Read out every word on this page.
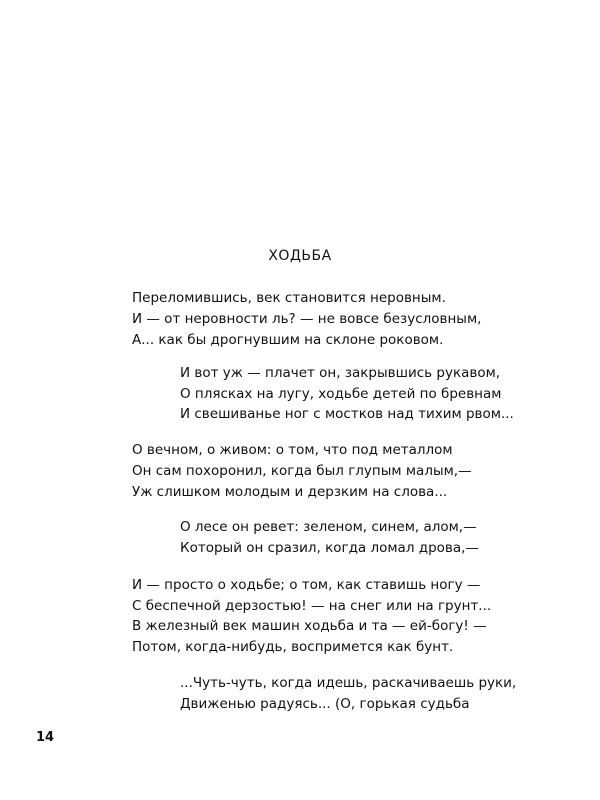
ХОДЬБА
Переломившись, век становится неровным.
И — от неровности ль? — не вовсе безусловным,
А... как бы дрогнувшим на склоне роковом.
И вот уж — плачет он, закрывшись рукавом,
О плясках на лугу, ходьбе детей по бревнам
И свешиванье ног с мостков над тихим рвом...
О вечном, о живом: о том, что под металлом
Он сам похоронил, когда был глупым малым,—
Уж слишком молодым и дерзким на слова...
О лесе он ревет: зеленом, синем, алом,—
Который он сразил, когда ломал дрова,—
И — просто о ходьбе; о том, как ставишь ногу —
С беспечной дерзостью! — на снег или на грунт...
В железный век машин ходьба и та — ей-богу! —
Потом, когда-нибудь, воспримется как бунт.
...Чуть-чуть, когда идешь, раскачиваешь руки,
Движенью радуясь... (О, горькая судьба
14
